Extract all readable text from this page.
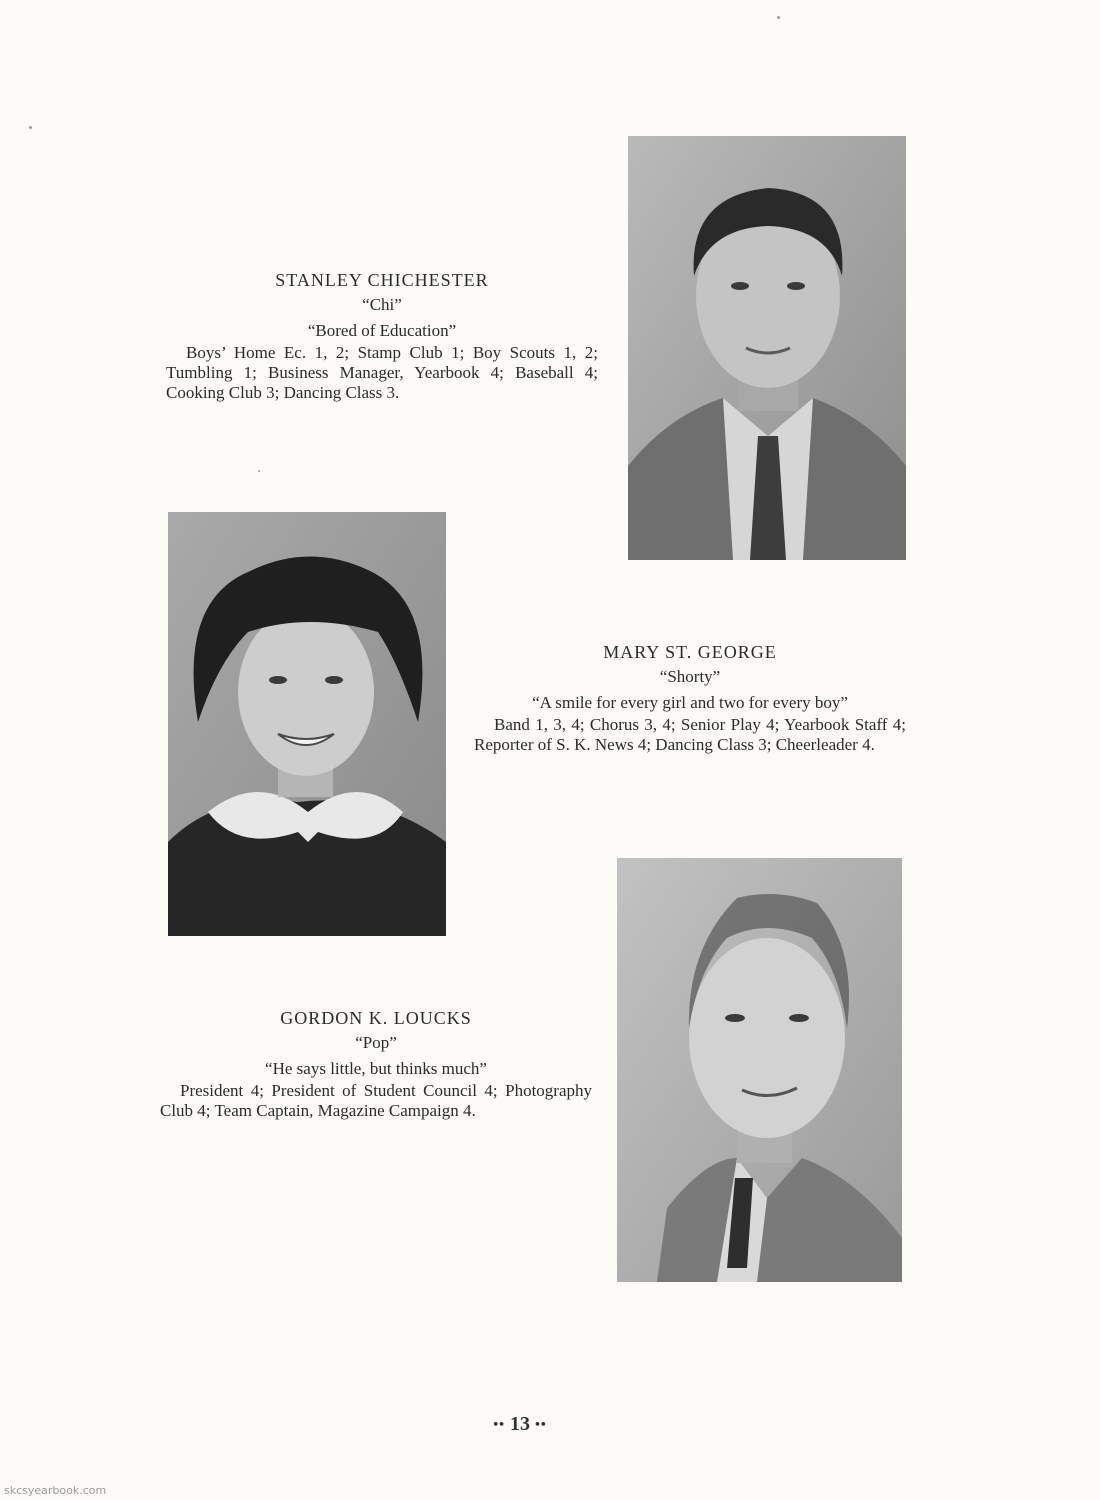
STANLEY CHICHESTER
“Chi”
“Bored of Education”
Boys’ Home Ec. 1, 2; Stamp Club 1; Boy Scouts 1, 2; Tumbling 1; Business Manager, Yearbook 4; Baseball 4; Cooking Club 3; Dancing Class 3.
MARY ST. GEORGE
“Shorty”
“A smile for every girl and two for every boy”
Band 1, 3, 4; Chorus 3, 4; Senior Play 4; Yearbook Staff 4; Reporter of S. K. News 4; Dancing Class 3; Cheerleader 4.
GORDON K. LOUCKS
“Pop”
“He says little, but thinks much”
President 4; President of Student Council 4; Photography Club 4; Team Captain, Magazine Campaign 4.
•• 13 ••
skcsyearbook.com
